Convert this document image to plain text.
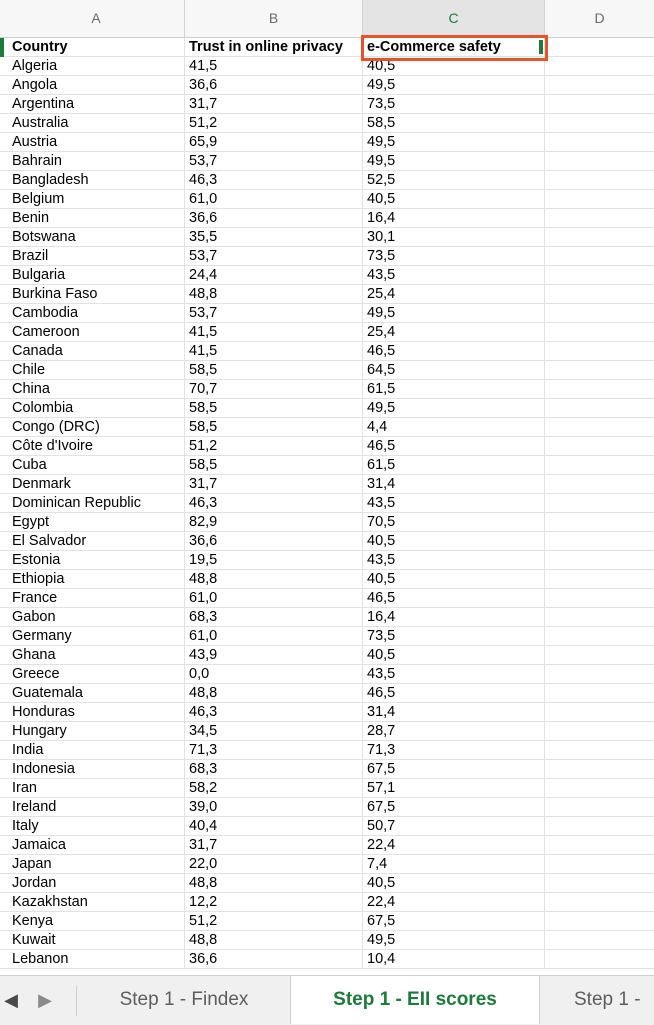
A	B	C	D
Country	Trust in online privacy	e-Commerce safety
Algeria	41,5	40,5
Angola	36,6	49,5
Argentina	31,7	73,5
Australia	51,2	58,5
Austria	65,9	49,5
Bahrain	53,7	49,5
Bangladesh	46,3	52,5
Belgium	61,0	40,5
Benin	36,6	16,4
Botswana	35,5	30,1
Brazil	53,7	73,5
Bulgaria	24,4	43,5
Burkina Faso	48,8	25,4
Cambodia	53,7	49,5
Cameroon	41,5	25,4
Canada	41,5	46,5
Chile	58,5	64,5
China	70,7	61,5
Colombia	58,5	49,5
Congo (DRC)	58,5	4,4
Côte d'Ivoire	51,2	46,5
Cuba	58,5	61,5
Denmark	31,7	31,4
Dominican Republic	46,3	43,5
Egypt	82,9	70,5
El Salvador	36,6	40,5
Estonia	19,5	43,5
Ethiopia	48,8	40,5
France	61,0	46,5
Gabon	68,3	16,4
Germany	61,0	73,5
Ghana	43,9	40,5
Greece	0,0	43,5
Guatemala	48,8	46,5
Honduras	46,3	31,4
Hungary	34,5	28,7
India	71,3	71,3
Indonesia	68,3	67,5
Iran	58,2	57,1
Ireland	39,0	67,5
Italy	40,4	50,7
Jamaica	31,7	22,4
Japan	22,0	7,4
Jordan	48,8	40,5
Kazakhstan	12,2	22,4
Kenya	51,2	67,5
Kuwait	48,8	49,5
Lebanon	36,6	10,4
◀	▶	Step 1 - Findex	Step 1 - EII scores	Step 1 -
